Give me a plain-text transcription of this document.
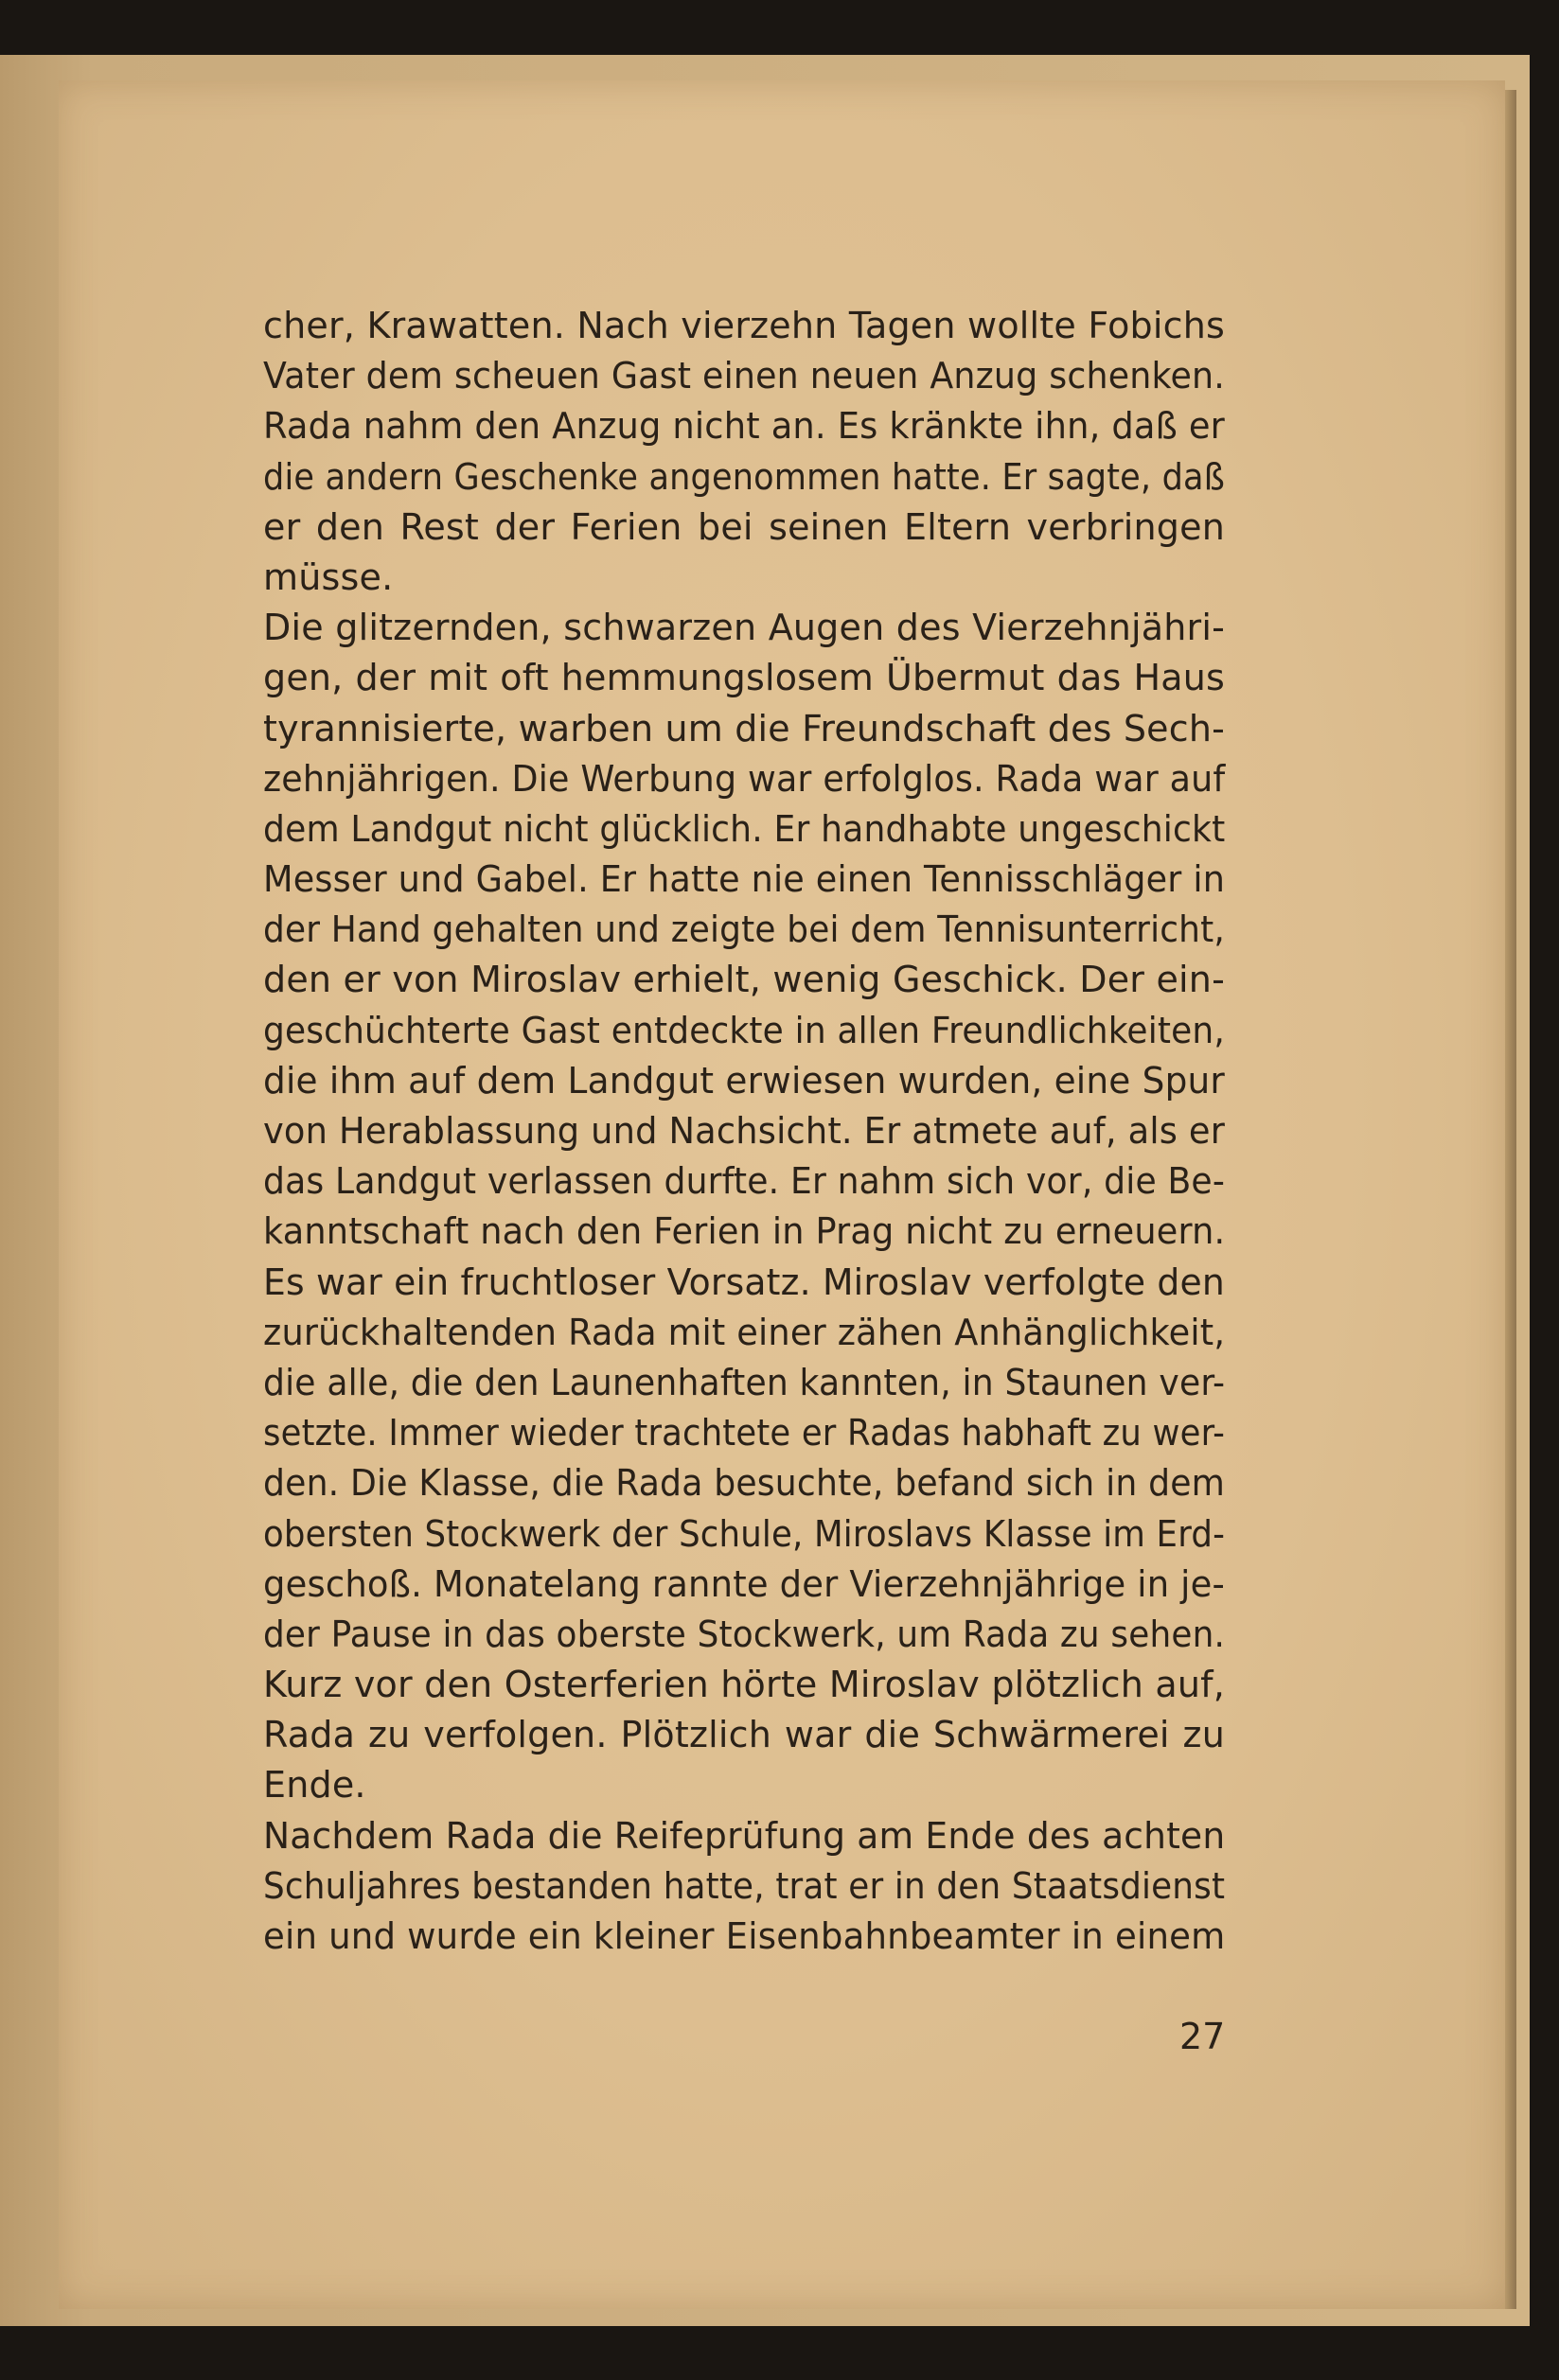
cher, Krawatten. Nach vierzehn Tagen wollte Fobichs

Vater dem scheuen Gast einen neuen Anzug schenken.

Rada nahm den Anzug nicht an. Es kränkte ihn, daß er

die andern Geschenke angenommen hatte. Er sagte, daß

er den Rest der Ferien bei seinen Eltern verbringen

müsse.

Die glitzernden, schwarzen Augen des Vierzehnjähri-

gen, der mit oft hemmungslosem Übermut das Haus

tyrannisierte, warben um die Freundschaft des Sech-

zehnjährigen. Die Werbung war erfolglos. Rada war auf

dem Landgut nicht glücklich. Er handhabte ungeschickt

Messer und Gabel. Er hatte nie einen Tennisschläger in

der Hand gehalten und zeigte bei dem Tennisunterricht,

den er von Miroslav erhielt, wenig Geschick. Der ein-

geschüchterte Gast entdeckte in allen Freundlichkeiten,

die ihm auf dem Landgut erwiesen wurden, eine Spur

von Herablassung und Nachsicht. Er atmete auf, als er

das Landgut verlassen durfte. Er nahm sich vor, die Be-

kanntschaft nach den Ferien in Prag nicht zu erneuern.

Es war ein fruchtloser Vorsatz. Miroslav verfolgte den

zurückhaltenden Rada mit einer zähen Anhänglichkeit,

die alle, die den Launenhaften kannten, in Staunen ver-

setzte. Immer wieder trachtete er Radas habhaft zu wer-

den. Die Klasse, die Rada besuchte, befand sich in dem

obersten Stockwerk der Schule, Miroslavs Klasse im Erd-

geschoß. Monatelang rannte der Vierzehnjährige in je-

der Pause in das oberste Stockwerk, um Rada zu sehen.

Kurz vor den Osterferien hörte Miroslav plötzlich auf,

Rada zu verfolgen. Plötzlich war die Schwärmerei zu

Ende.

Nachdem Rada die Reifeprüfung am Ende des achten

Schuljahres bestanden hatte, trat er in den Staatsdienst

ein und wurde ein kleiner Eisenbahnbeamter in einem

27
